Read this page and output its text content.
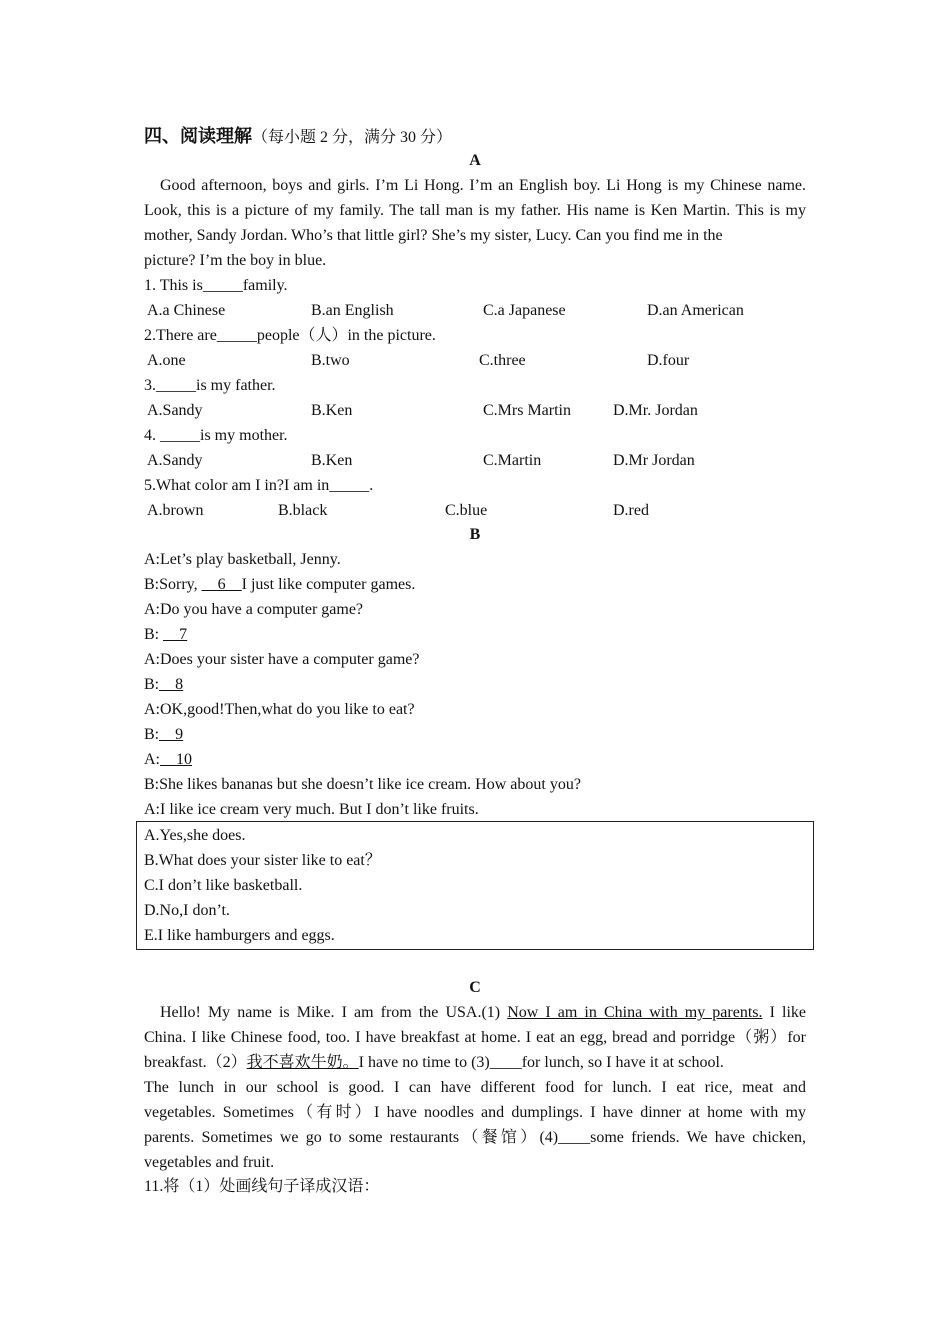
四、阅读理解（每小题 2 分，满分 30 分）
A
Good afternoon, boys and girls. I’m Li Hong. I’m an English boy. Li Hong is my Chinese name.
Look, this is a picture of my family. The tall man is my father. His name is Ken Martin. This is my
mother, Sandy Jordan. Who’s that little girl? She’s my sister, Lucy. Can you find me in the
picture? I’m the boy in blue.
1. This is_____family.
A.a Chinese	B.an English	C.a Japanese	D.an American
2.There are_____people（人）in the picture.
A.one	B.two	C.three	D.four
3._____is my father.
A.Sandy	B.Ken	C.Mrs Martin	D.Mr. Jordan
4. _____is my mother.
A.Sandy	B.Ken	C.Martin	D.Mr Jordan
5.What color am I in?I am in_____.
A.brown	B.black	C.blue	D.red
B
A:Let’s play basketball, Jenny.
B:Sorry, __6__I just like computer games.
A:Do you have a computer game?
B: __7
A:Does your sister have a computer game?
B:__8
A:OK,good!Then,what do you like to eat?
B:__9
A:__10
B:She likes bananas but she doesn’t like ice cream. How about you?
A:I like ice cream very much. But I don’t like fruits.
A.Yes,she does.
B.What does your sister like to eat？
C.I don’t like basketball.
D.No,I don’t.
E.I like hamburgers and eggs.
C
Hello! My name is Mike. I am from the USA.(1) Now I am in China with my parents. I like
China. I like Chinese food, too. I have breakfast at home. I eat an egg, bread and porridge（粥）for
breakfast.（2）我不喜欢牛奶。I have no time to (3)____for lunch, so I have it at school.
The lunch in our school is good. I can have different food for lunch. I eat rice, meat and
vegetables. Sometimes（有时）I have noodles and dumplings. I have dinner at home with my
parents. Sometimes we go to some restaurants（餐馆）(4)____some friends. We have chicken,
vegetables and fruit.
11.将（1）处画线句子译成汉语：
